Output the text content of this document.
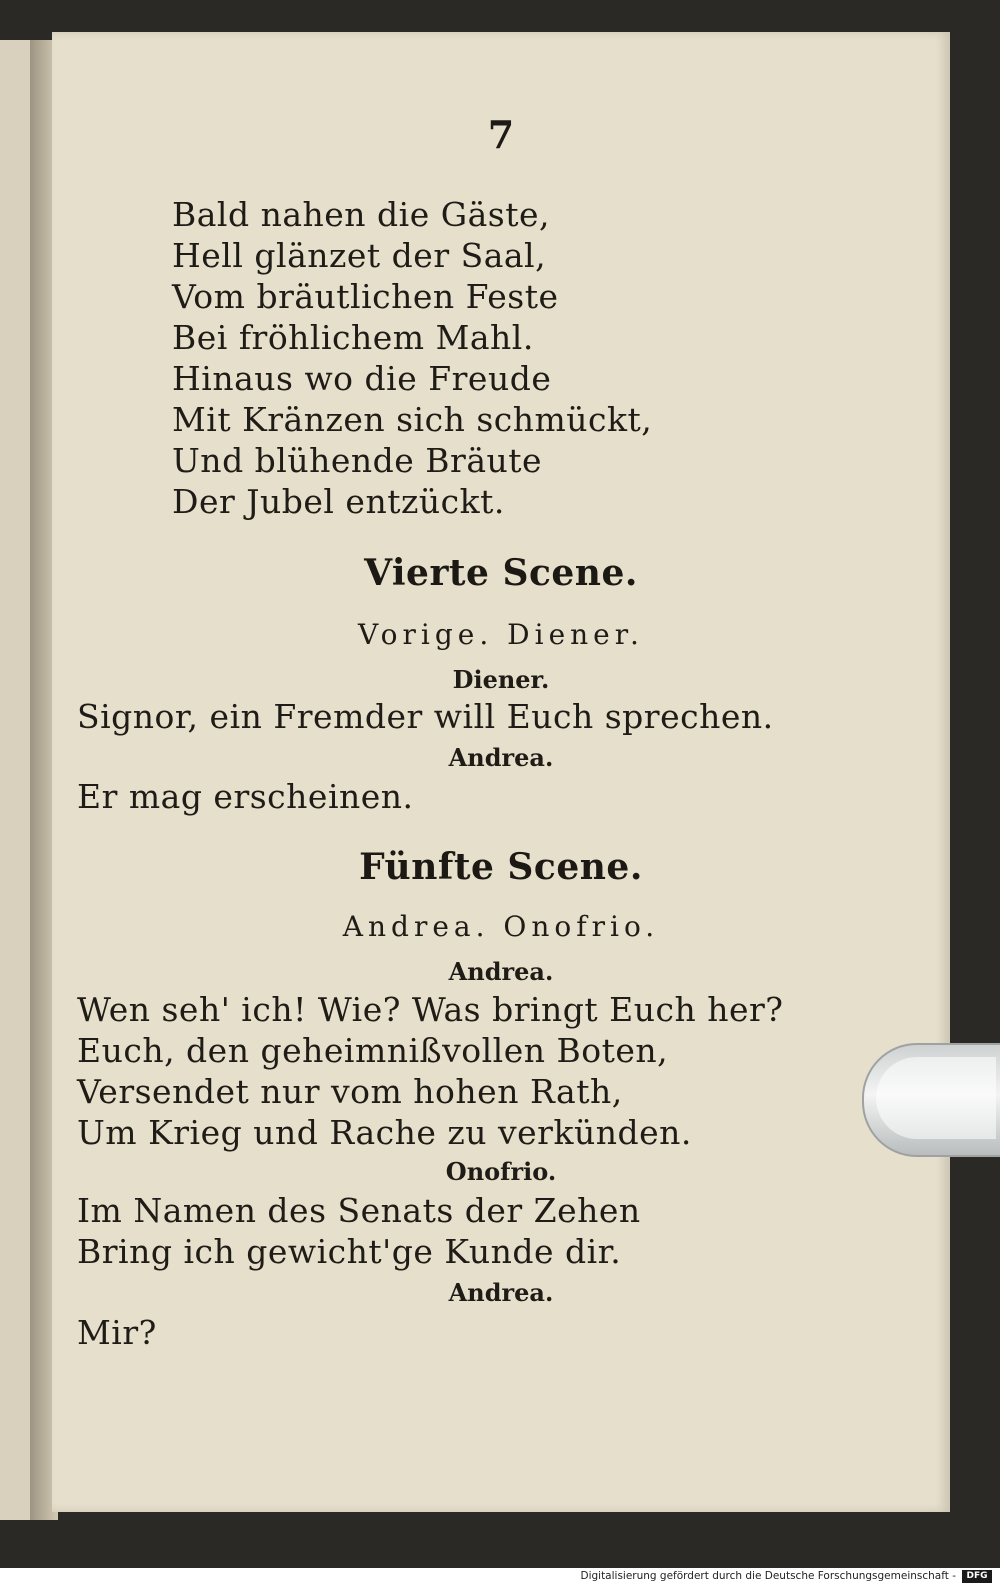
7
Bald nahen die Gäste,
Hell glänzet der Saal,
Vom bräutlichen Feste
Bei fröhlichem Mahl.
Hinaus wo die Freude
Mit Kränzen sich schmückt,
Und blühende Bräute
Der Jubel entzückt.
Vierte Scene.
Vorige. Diener.
Diener.
Signor, ein Fremder will Euch sprechen.
Andrea.
Er mag erscheinen.
Fünfte Scene.
Andrea. Onofrio.
Andrea.
Wen seh' ich! Wie? Was bringt Euch her?
Euch, den geheimnißvollen Boten,
Versendet nur vom hohen Rath,
Um Krieg und Rache zu verkünden.
Onofrio.
Im Namen des Senats der Zehen
Bring ich gewicht'ge Kunde dir.
Andrea.
Mir?
Digitalisierung gefördert durch die Deutsche Forschungsgemeinschaft -	DFG
